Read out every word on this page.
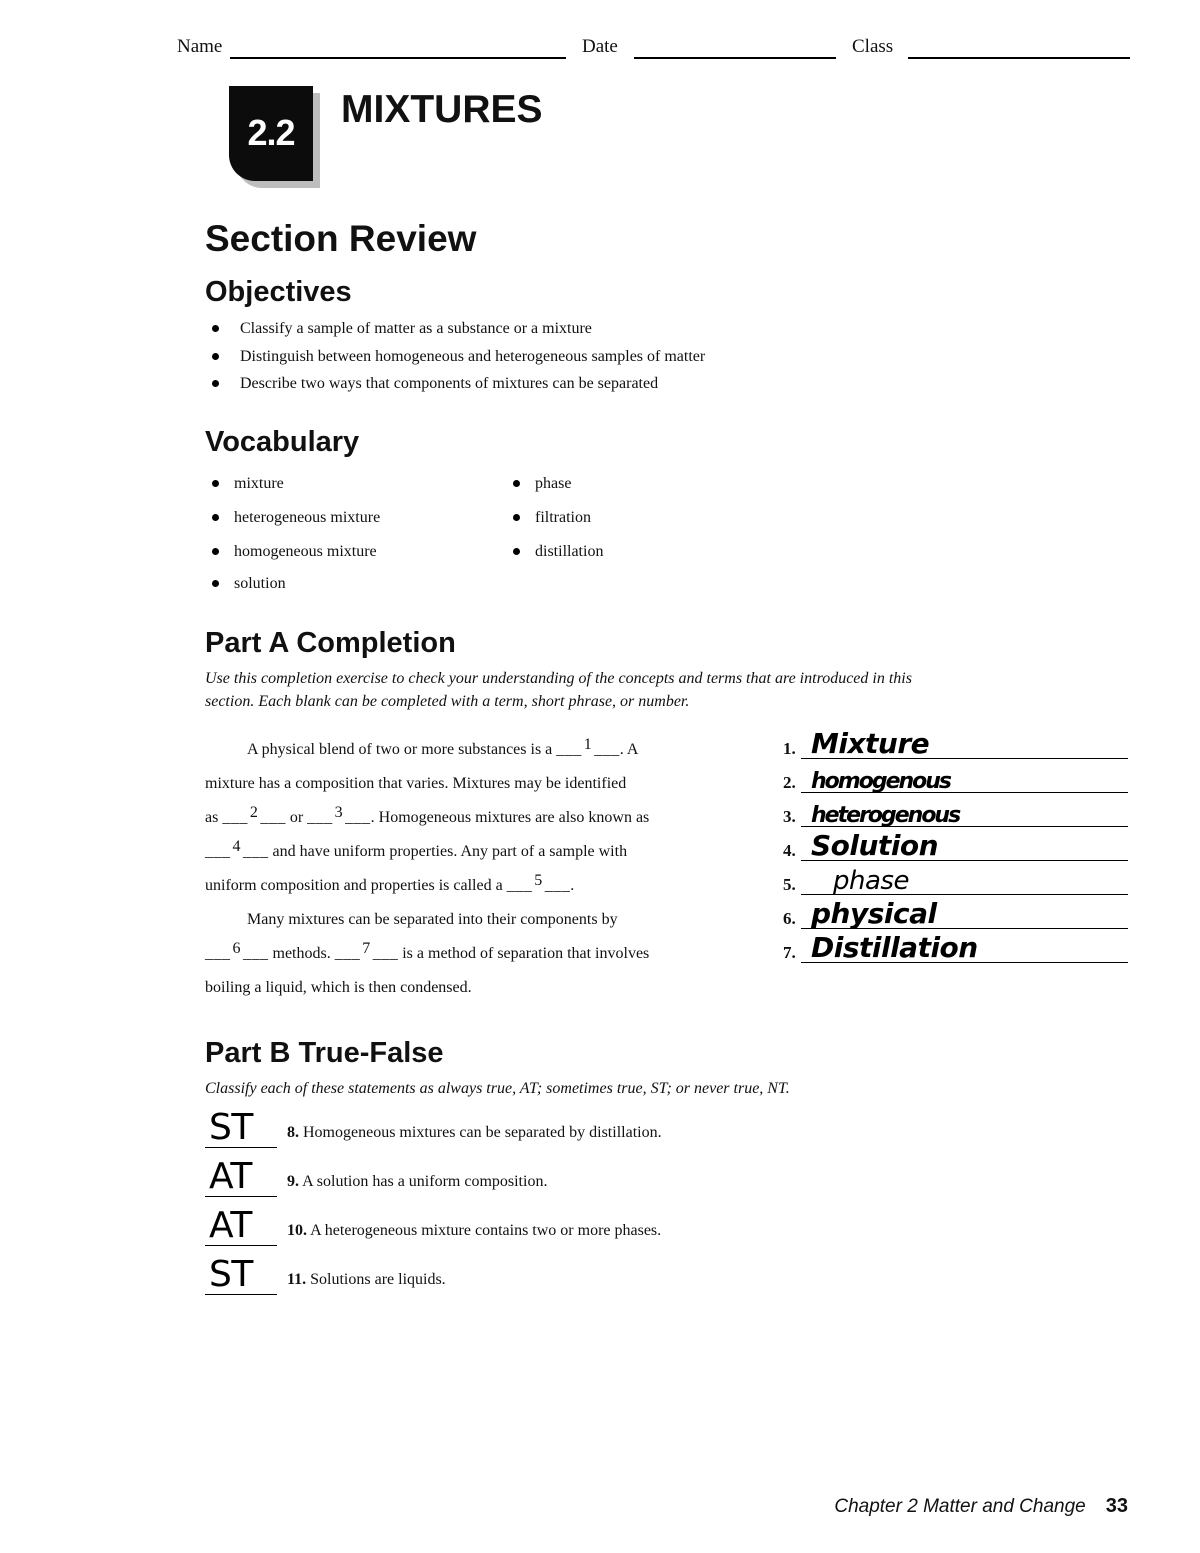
Name	Date	Class
2.2
MIXTURES
Section Review
Objectives
Classify a sample of matter as a substance or a mixture
Distinguish between homogeneous and heterogeneous samples of matter
Describe two ways that components of mixtures can be separated
Vocabulary
mixture
heterogeneous mixture
homogeneous mixture
solution
phase
filtration
distillation
Part A Completion
Use this completion exercise to check your understanding of the concepts and terms that are introduced in this
section. Each blank can be completed with a term, short phrase, or number.
A physical blend of two or more substances is a ___ 1 ___. A
mixture has a composition that varies. Mixtures may be identified
as ___ 2 ___ or ___ 3 ___. Homogeneous mixtures are also known as
___ 4 ___ and have uniform properties. Any part of a sample with
uniform composition and properties is called a ___ 5 ___.
Many mixtures can be separated into their components by
___ 6 ___ methods. ___ 7 ___ is a method of separation that involves
boiling a liquid, which is then condensed.
1. Mixture
2. homogenous
3. heterogenous
4. Solution
5. phase
6. physical
7. Distillation
Part B True-False
Classify each of these statements as always true, AT; sometimes true, ST; or never true, NT.
ST 8. Homogeneous mixtures can be separated by distillation.
AT 9. A solution has a uniform composition.
AT 10. A heterogeneous mixture contains two or more phases.
ST 11. Solutions are liquids.
Chapter 2 Matter and Change 33
